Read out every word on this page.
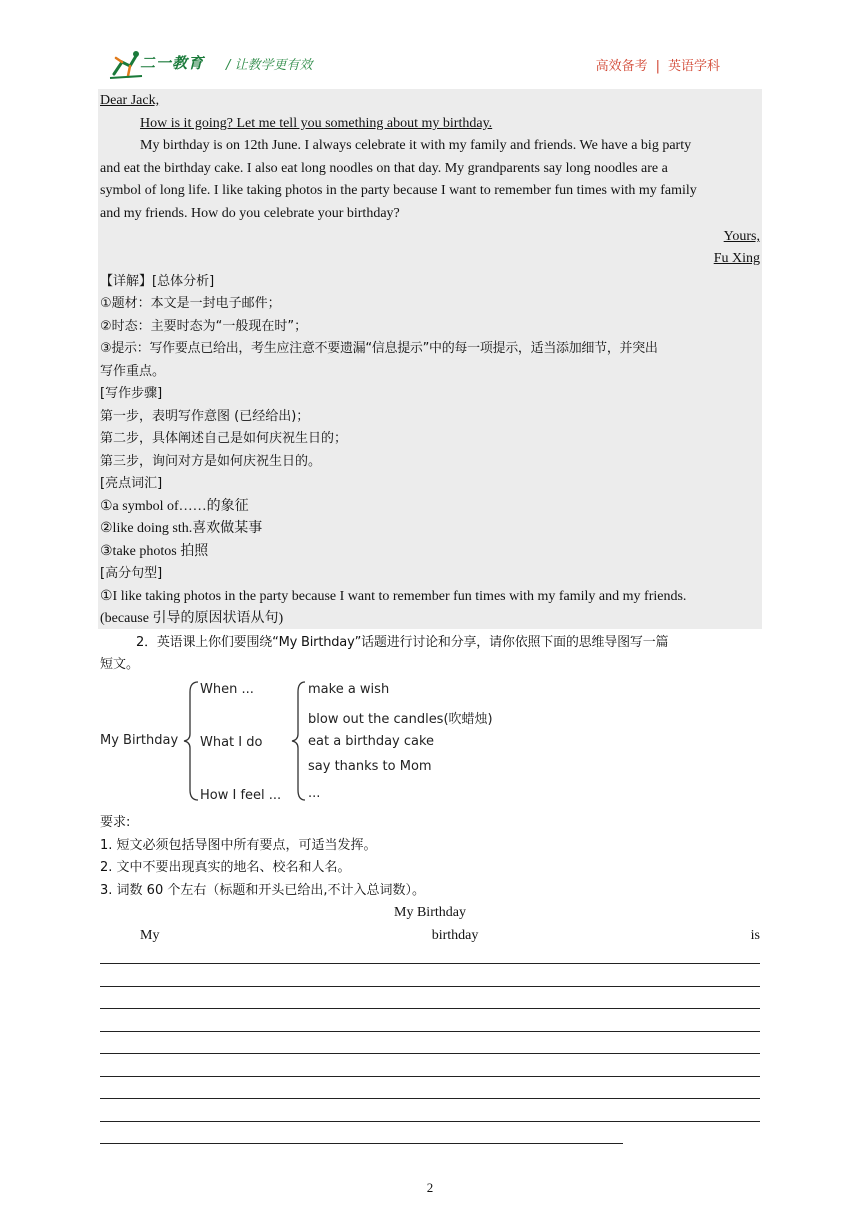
二一教育 / 让教学更有效	高效备考 | 英语学科
Dear Jack,
How is it going? Let me tell you something about my birthday.
My birthday is on 12th June. I always celebrate it with my family and friends. We have a big party
and eat the birthday cake. I also eat long noodles on that day. My grandparents say long noodles are a
symbol of long life. I like taking photos in the party because I want to remember fun times with my family
and my friends. How do you celebrate your birthday?
Yours,
Fu Xing
【详解】[总体分析]
①题材：本文是一封电子邮件；
②时态：主要时态为“一般现在时”；
③提示：写作要点已给出，考生应注意不要遗漏“信息提示”中的每一项提示，适当添加细节，并突出
写作重点。
[写作步骤]
第一步，表明写作意图 (已经给出)；
第二步，具体阐述自己是如何庆祝生日的；
第三步，询问对方是如何庆祝生日的。
[亮点词汇]
①a symbol of……的象征
②like doing sth.喜欢做某事
③take photos 拍照
[高分句型]
①I like taking photos in the party because I want to remember fun times with my family and my friends.
(because 引导的原因状语从句)
2．英语课上你们要围绕“My Birthday”话题进行讨论和分享，请你依照下面的思维导图写一篇
短文。
My Birthday
When ...
What I do
How I feel ...
make a wish
blow out the candles(吹蜡烛)
eat a birthday cake
say thanks to Mom
...
要求:
1. 短文必须包括导图中所有要点，可适当发挥。
2. 文中不要出现真实的地名、校名和人名。
3. 词数 60 个左右（标题和开头已给出,不计入总词数）。
My Birthday
My	birthday	is
2
